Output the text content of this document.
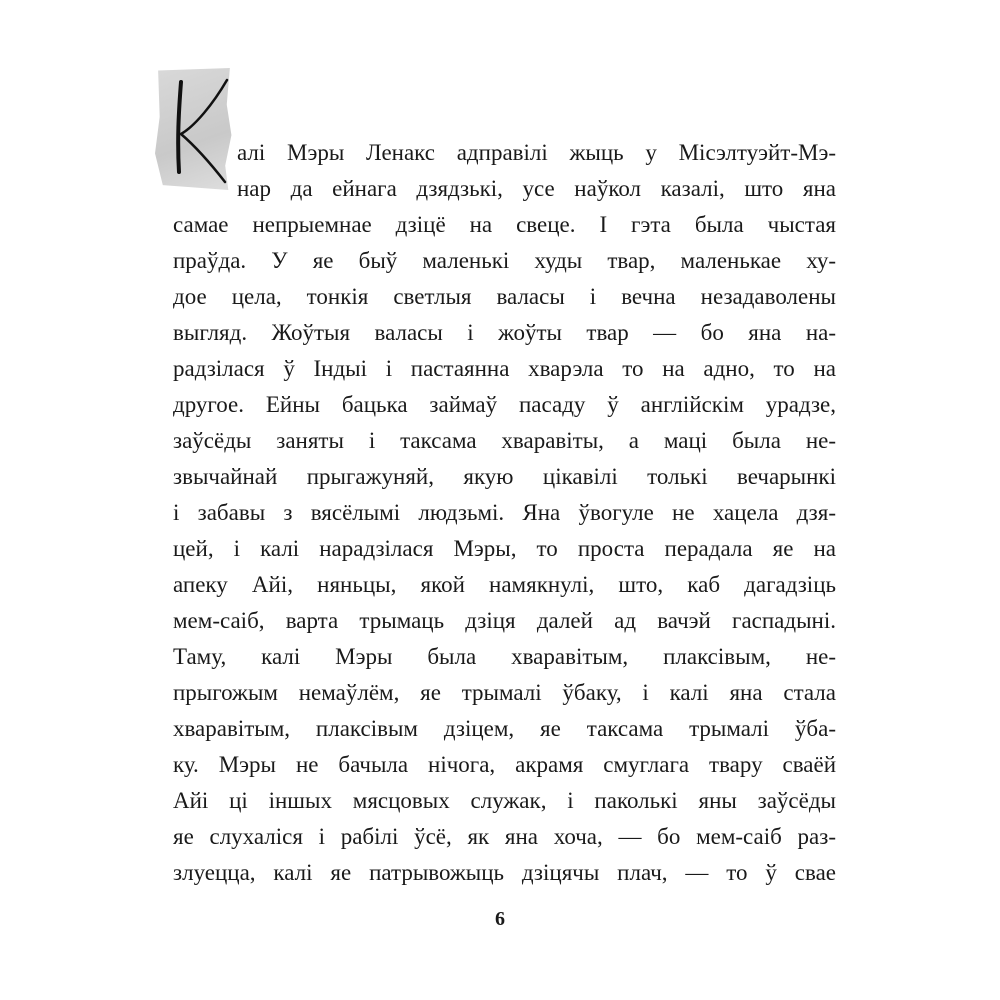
алі Мэры Ленакс адправілі жыць у Місэлтуэйт-Мэ-
нар да ейнага дзядзькі, усе наўкол казалі, што яна
самае непрыемнае дзіцё на свеце. І гэта была чыстая
праўда. У яе быў маленькі худы твар, маленькае ху-
дое цела, тонкія светлыя валасы і вечна незадаволены
выгляд. Жоўтыя валасы і жоўты твар — бо яна на-
радзілася ў Індыі і пастаянна хварэла то на адно, то на
другое. Ейны бацька займаў пасаду ў англійскім урадзе,
заўсёды заняты і таксама хваравіты, а маці была не-
звычайнай прыгажуняй, якую цікавілі толькі вечарынкі
і забавы з вясёлымі людзьмі. Яна ўвогуле не хацела дзя-
цей, і калі нарадзілася Мэры, то проста перадала яе на
апеку Айі, няньцы, якой намякнулі, што, каб дагадзіць
мем-саіб, варта трымаць дзіця далей ад вачэй гаспадыні.
Таму, калі Мэры была хваравітым, плаксівым, не-
прыгожым немаўлём, яе трымалі ўбаку, і калі яна стала
хваравітым, плаксівым дзіцем, яе таксама трымалі ўба-
ку. Мэры не бачыла нічога, акрамя смуглага твару сваёй
Айі ці іншых мясцовых служак, і паколькі яны заўсёды
яе слухаліся і рабілі ўсё, як яна хоча, — бо мем-саіб раз-
злуецца, калі яе патрывожыць дзіцячы плач, — то ў свае
6
